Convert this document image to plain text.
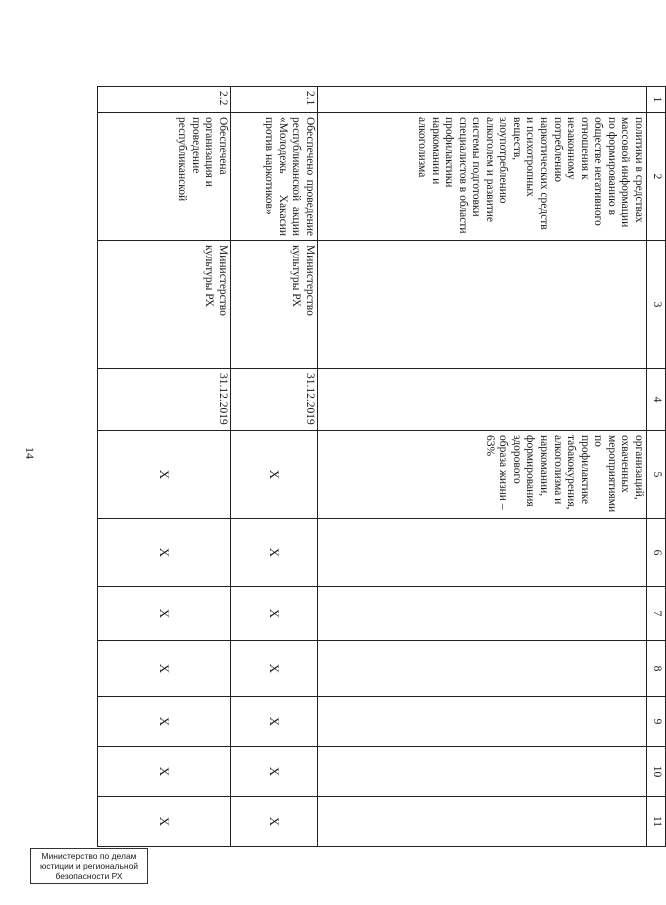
14
1	2	3	4	5	6	7	8	9	10	11
	политики в средствах массовой информации по формированию в обществе негативного отношения к незаконному потреблению наркотических средств и психотропных веществ, злоупотреблению алкоголем и развитие системы подготовки специалистов в области профилактики наркомании и алкоголизма			организаций, охваченных мероприятиями по профилактике табакокурения, алкоголизма и наркомании, формирования здорового образа жизни – 63%						
2.1	Обеспечено проведение республиканской акции «Молодежь Хакасии против наркотиков»	Министерство культуры РХ	31.12.2019	Х	Х	Х	Х	Х	Х	Х
2.2	Обеспечена организация и проведение республиканской	Министерство культуры РХ	31.12.2019	Х	Х	Х	Х	Х	Х	Х
Министерство по делам
юстиции и региональной
безопасности РХ
